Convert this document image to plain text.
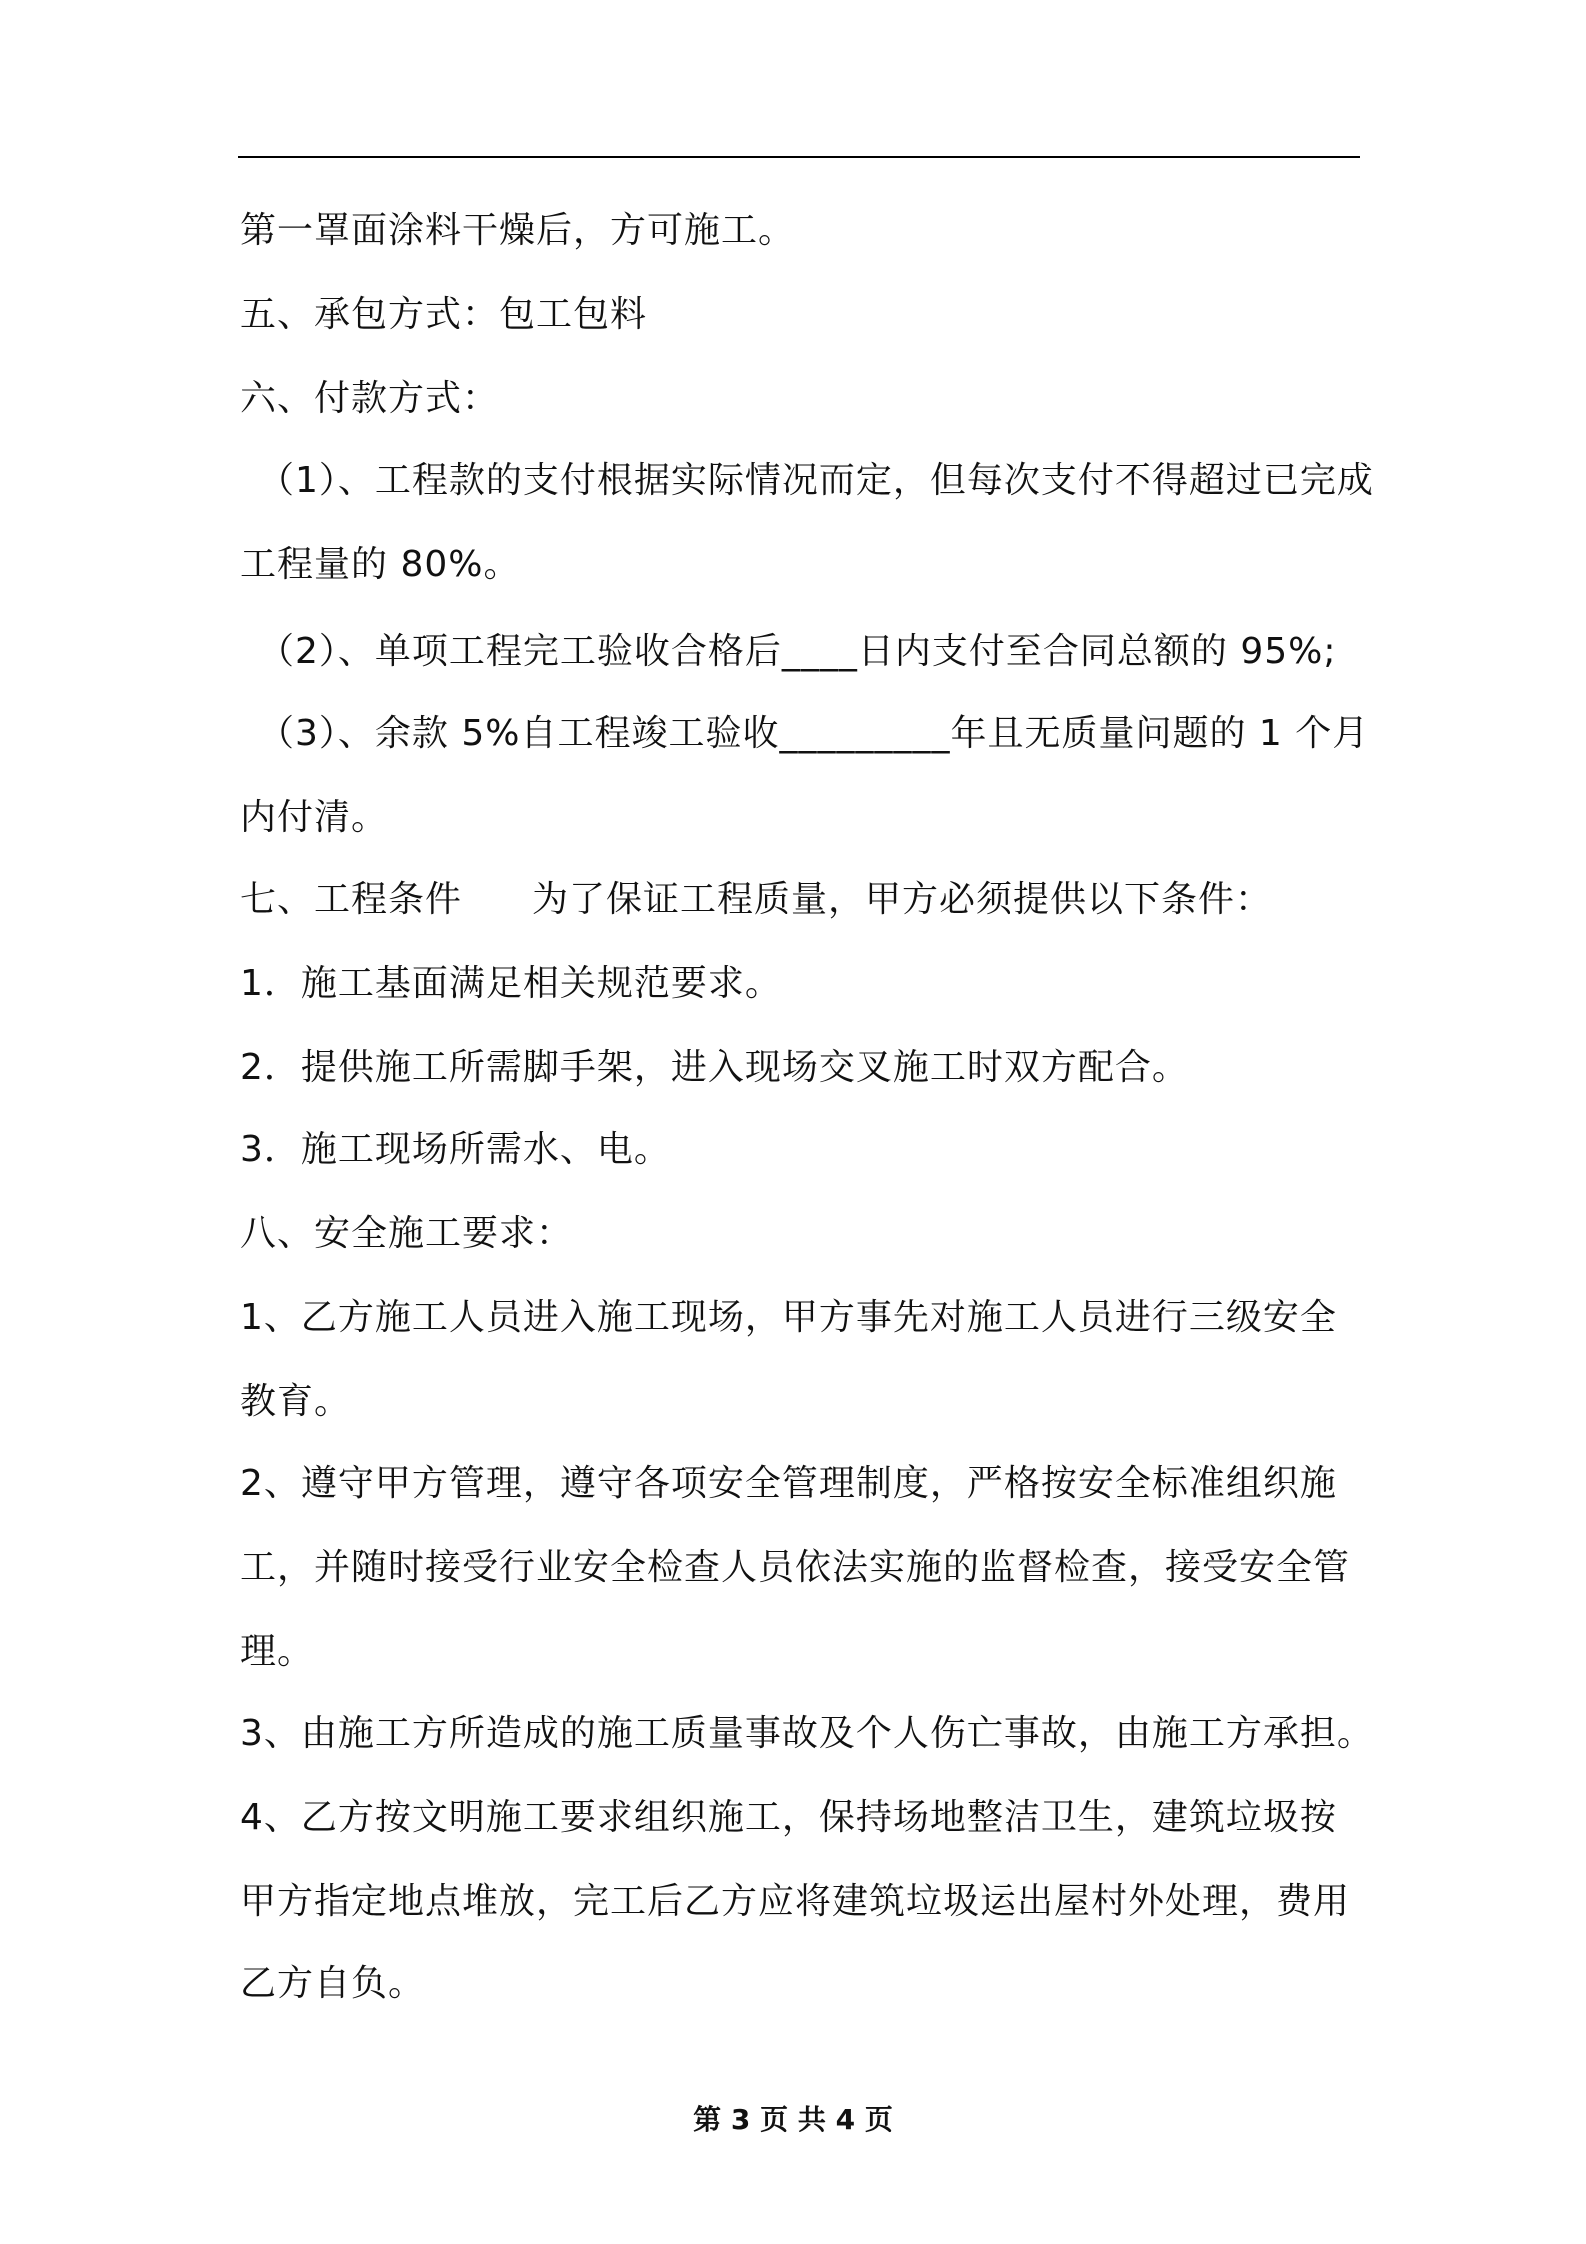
第一罩面涂料干燥后，方可施工。
五、承包方式：包工包料
六、付款方式：
（1）、工程款的支付根据实际情况而定，但每次支付不得超过已完成
工程量的 80%。
（2）、单项工程完工验收合格后____日内支付至合同总额的 95%;
（3）、余款 5%自工程竣工验收_________年且无质量问题的 1 个月
内付清。
七、工程条件 为了保证工程质量，甲方必须提供以下条件：
1．施工基面满足相关规范要求。
2．提供施工所需脚手架，进入现场交叉施工时双方配合。
3．施工现场所需水、电。
八、安全施工要求：
1、乙方施工人员进入施工现场，甲方事先对施工人员进行三级安全
教育。
2、遵守甲方管理，遵守各项安全管理制度，严格按安全标准组织施
工，并随时接受行业安全检查人员依法实施的监督检查，接受安全管
理。
3、由施工方所造成的施工质量事故及个人伤亡事故，由施工方承担。
4、乙方按文明施工要求组织施工，保持场地整洁卫生，建筑垃圾按
甲方指定地点堆放，完工后乙方应将建筑垃圾运出屋村外处理，费用
乙方自负。
第 3 页 共 4 页
